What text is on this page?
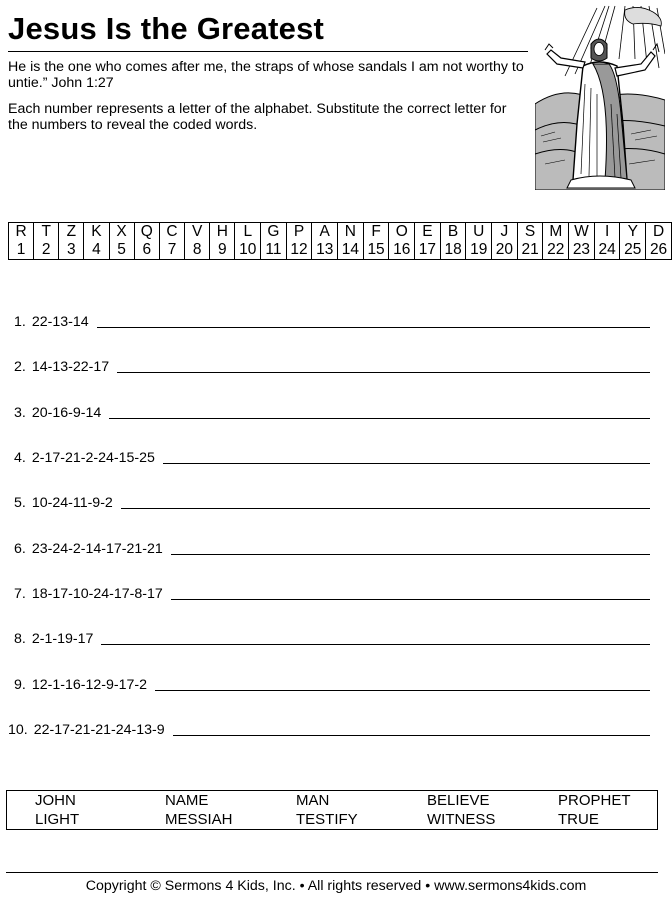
Jesus Is the Greatest

He is the one who comes after me, the straps of whose sandals I am not worthy to untie.” John 1:27

Each number represents a letter of the alphabet. Substitute the correct letter for the numbers to reveal the coded words.

R	T	Z	K	X	Q	C	V	H	L	G	P	A	N	F	O	E	B	U	J	S	M	W	I	Y	D
1	2	3	4	5	6	7	8	9	10	11	12	13	14	15	16	17	18	19	20	21	22	23	24	25	26
1. 22-13-14
2. 14-13-22-17
3. 20-16-9-14
4. 2-17-21-2-24-15-25
5. 10-24-11-9-2
6. 23-24-2-14-17-21-21
7. 18-17-10-24-17-8-17
8. 2-1-19-17
9. 12-1-16-12-9-17-2
10. 22-17-21-21-24-13-9
JOHN	NAME	MAN	BELIEVE	PROPHET
LIGHT	MESSIAH	TESTIFY	WITNESS	TRUE
Copyright © Sermons 4 Kids, Inc. • All rights reserved • www.sermons4kids.com
